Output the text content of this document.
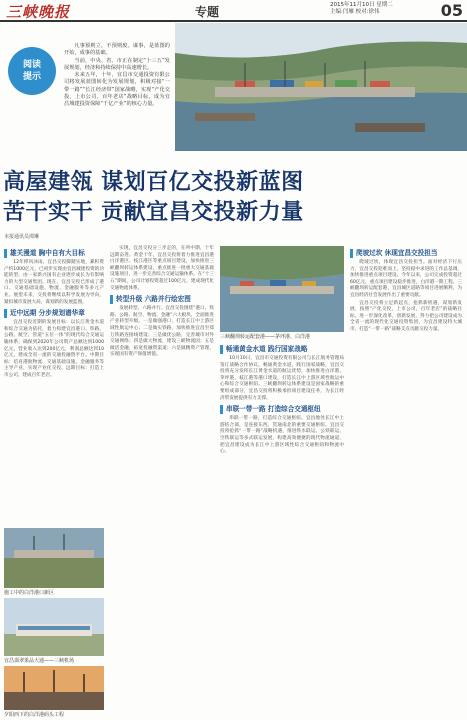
三峡晚报	专题	2015年11月10日 星期二
主编:闫雁 校对:徐伟	05
阅读
提示

凡事预则立，不预则废。谋事，是蓝图的开始，成事的基础。

当前，中央、省、市正在制定“十三五”发展规划，经济和持续保持中高速增长。

未来五年，十年，宜昌市交通投资有限公司将发展蓝图转化为发展规划，积极对接“一带一路”“长江经济带”国家战略，实现“产化交投，上市公司，百年老店”战略目标，成为宜昌城建投资保障“千亿产业”的核心力量。

高屋建瓴 谋划百亿交投新蓝图
苦干实干 贡献宜昌交投新力量
本报通讯员谭琳
雄关漫道 胸中自有大目标

12年栉风沐雨，宜昌交投脚踏实地，累积资产约1000亿元，已初步实现由宜昌城建投资的功能转型，由一家新兴国有企业逐步成长为有影响力的大型交通集团。现在，宜昌交投已形成了港口、交通基础设施、物流、金融服务等多元产业。展望未来，交投将继续以科学发展为导向，紧扣城市发展大局，谋划新的发展蓝图。

近中远期 分步规划谱华章

宜昌交投近期的发展目标：以长江黄金水道和综合交通为依托，着力构建宜昌港口、铁路、公路、航空、管道“五位一体”的现代综合交通运输体系，确保到2020年公司资产总额达到1000亿元，营业收入达到200亿元，利润总额达到10亿元，建成全省一流的交通投融资平台。中期目标：培育港航物流、交通基础设施、金融服务等主导产业，实现产业化交投。远期目标：打造上市公司，建成百年老店。

施工中的白洋港口新区
宜昌翡翠果品大通——三峡机场
夕阳西下的白洋港码头工程

实现，宜昌交投分三步走的，在所中期，十年远期奋进。黄金十年，宜昌交投将着力推进宜昌港白洋港区、枝江港区等重点项目建设，加快推进三峡翻坝转运体系建设，重点推进一批重大交通基础设施项目，进一步完善综合交通运输体系。在“十三五”期间，公司计划投资超过100亿元，建成现代化交通物流体系。

转型升级 六路并行绘宏图

发展转型，六路并行。宜昌交投围绕“港口、铁路、公路、航空、物流、金融”六大板块，全面推进产业转型升级。一是做强港口，打造长江中上游区域性航运中心；二是做实铁路，加快推进宜昌至郑万铁路连接线建设；三是做优公路，完善城市对外交通网络；四是做大物流，建设三峡物流园；五是做活金融，拓宽投融资渠道；六是做精资产管理，实现国有资产保值增值。

三峡翻坝转运配套港——茅坪港、白洋港
畅通黄金水道 践行国家战略

10月10日，宜昌市交通投资有限公司与长江航务管理局签订战略合作协议。畅通黄金水道，践行国家战略，宜昌交投将充分发挥长江黄金水道的航运优势，加快推进白洋港、茅坪港、枝江港等港口建设，打造长江中上游区域性航运中心和综合交通枢纽。三峡翻坝转运体系建设是国家战略的重要组成部分，宜昌交投将积极承担项目建设任务，为长江经济带发展提供有力支撑。

串联一带一路 打造综合交通枢纽

串联一带一路，打造综合交通枢纽。宜昌地处长江中上游结合部，是连接东西、贯通南北的重要交通枢纽。宜昌交投将抢抓“一带一路”战略机遇，推进铁水联运、公铁联运、空铁联运等多式联运发展，构建高效便捷的现代物流通道，把宜昌建设成为长江中上游区域性综合交通枢纽和物流中心。

爬坡过坎 休现宜昌交投担当

爬坡过坎，体现宜昌交投担当。面对经济下行压力，宜昌交投迎难而上，坚持稳中求进的工作总基调，加快推进重点项目建设。今年以来，公司完成投资超过60亿元，重点项目建设稳步推进，白洋港一期工程、三峡翻坝转运配套港、宜昌城区道路等项目进展顺利，为宜昌经济社会发展作出了重要贡献。

宜昌交投将立足新起点，抢抓新机遇，谋划新发展，按照“产化交投，上市公司，百年老店”的战略目标，进一步深化改革，创新发展，努力把公司建设成为全省一流的现代化交通投资集团，为宜昌建设特大城市、打造“一带一路”战略支点贡献交投力量。
